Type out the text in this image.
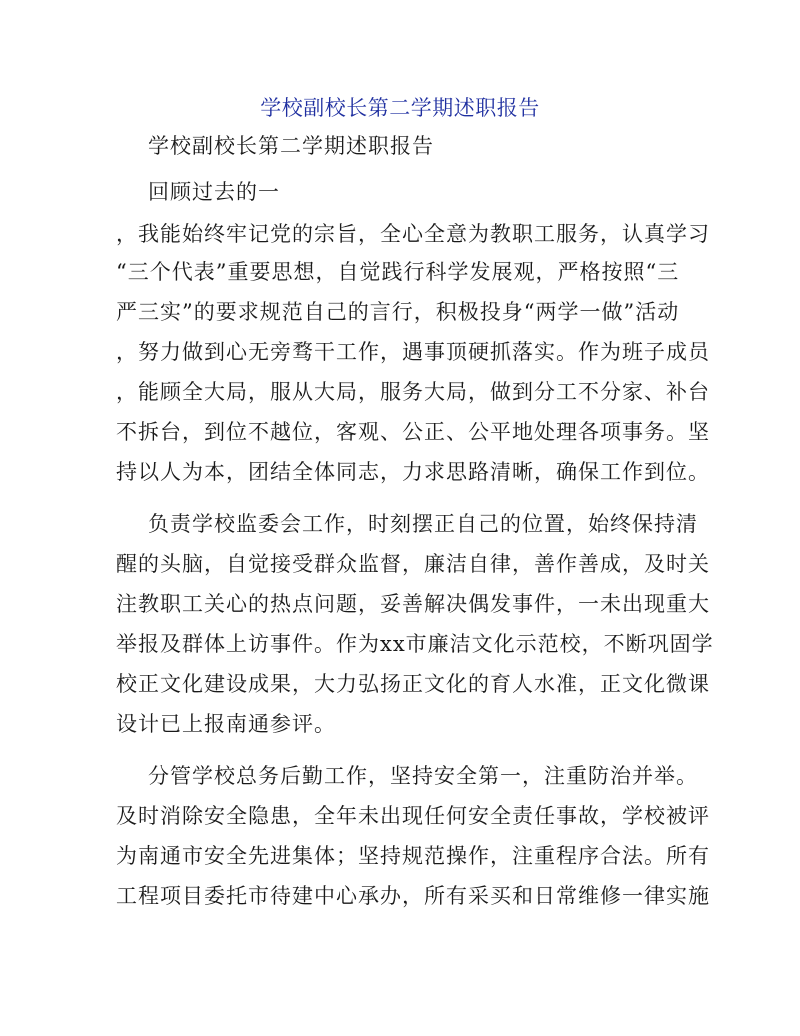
学校副校长第二学期述职报告
学校副校长第二学期述职报告
回顾过去的一
，我能始终牢记党的宗旨，全心全意为教职工服务，认真学习
“三个代表”重要思想，自觉践行科学发展观，严格按照“三
严三实”的要求规范自己的言行，积极投身“两学一做”活动
，努力做到心无旁骛干工作，遇事顶硬抓落实。作为班子成员
，能顾全大局，服从大局，服务大局，做到分工不分家、补台
不拆台，到位不越位，客观、公正、公平地处理各项事务。坚
持以人为本，团结全体同志，力求思路清晰，确保工作到位。
负责学校监委会工作，时刻摆正自己的位置，始终保持清
醒的头脑，自觉接受群众监督，廉洁自律，善作善成，及时关
注教职工关心的热点问题，妥善解决偶发事件，一未出现重大
举报及群体上访事件。作为xx市廉洁文化示范校，不断巩固学
校正文化建设成果，大力弘扬正文化的育人水准，正文化微课
设计已上报南通参评。
分管学校总务后勤工作，坚持安全第一，注重防治并举。
及时消除安全隐患，全年未出现任何安全责任事故，学校被评
为南通市安全先进集体；坚持规范操作，注重程序合法。所有
工程项目委托市待建中心承办，所有采买和日常维修一律实施
